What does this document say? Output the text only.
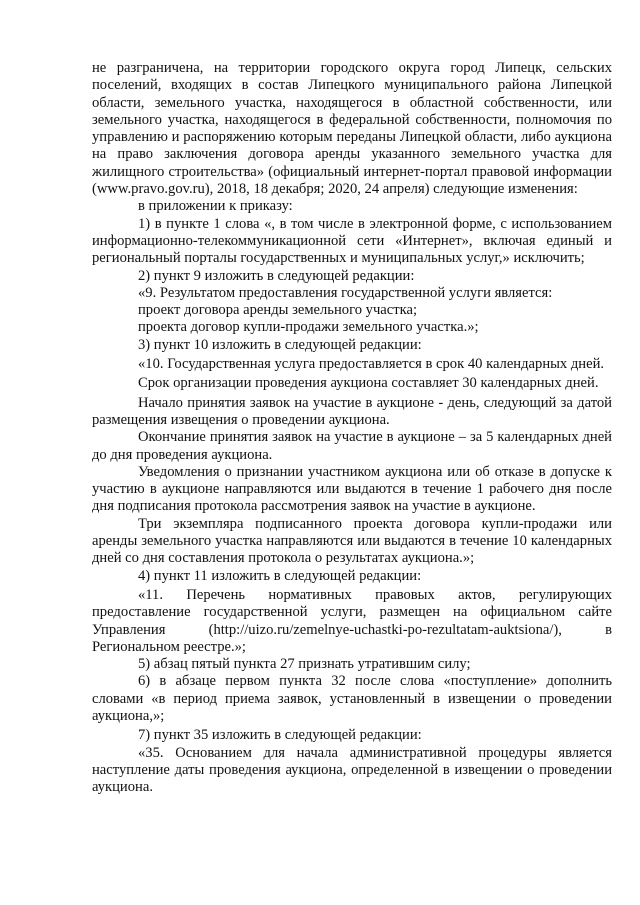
не разграничена, на территории городского округа город Липецк, сельских поселений, входящих в состав Липецкого муниципального района Липецкой области, земельного участка, находящегося в областной собственности, или земельного участка, находящегося в федеральной собственности, полномочия по управлению и распоряжению которым переданы Липецкой области, либо аукциона на право заключения договора аренды указанного земельного участка для жилищного строительства» (официальный интернет-портал правовой информации (www.pravo.gov.ru), 2018, 18 декабря; 2020, 24 апреля) следующие изменения:

в приложении к приказу:

1) в пункте 1 слова «, в том числе в электронной форме, с использованием информационно-телекоммуникационной сети «Интернет», включая единый и региональный порталы государственных и муниципальных услуг,» исключить;

2) пункт 9 изложить в следующей редакции:

«9. Результатом предоставления государственной услуги является:

проект договора аренды земельного участка;

проекта договор купли-продажи земельного участка.»;

3) пункт 10 изложить в следующей редакции:

«10. Государственная услуга предоставляется в срок 40 календарных дней.

Срок организации проведения аукциона составляет 30 календарных дней.

Начало принятия заявок на участие в аукционе - день, следующий за датой размещения извещения о проведении аукциона.

Окончание принятия заявок на участие в аукционе – за 5 календарных дней до дня проведения аукциона.

Уведомления о признании участником аукциона или об отказе в допуске к участию в аукционе направляются или выдаются в течение 1 рабочего дня после дня подписания протокола рассмотрения заявок на участие в аукционе.

Три экземпляра подписанного проекта договора купли-продажи или аренды земельного участка направляются или выдаются в течение 10 календарных дней со дня составления протокола о результатах аукциона.»;

4) пункт 11 изложить в следующей редакции:

«11. Перечень нормативных правовых актов, регулирующих предоставление государственной услуги, размещен на официальном сайте Управления (http://uizo.ru/zemelnye-uchastki-po-rezultatam-auktsiona/), в Региональном реестре.»;

5) абзац пятый пункта 27 признать утратившим силу;

6) в абзаце первом пункта 32 после слова «поступление» дополнить словами «в период приема заявок, установленный в извещении о проведении аукциона,»;

7) пункт 35 изложить в следующей редакции:

«35. Основанием для начала административной процедуры является наступление даты проведения аукциона, определенной в извещении о проведении аукциона.
